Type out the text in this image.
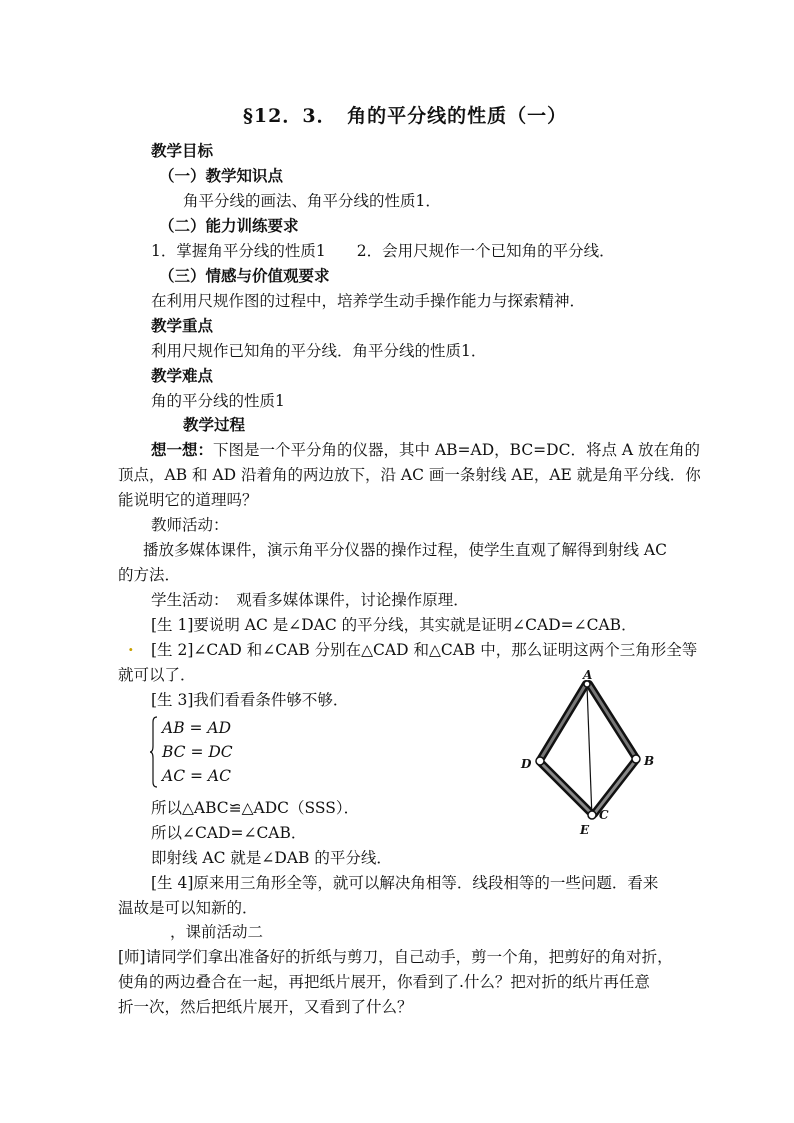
§12．3．　角的平分线的性质（一）
教学目标
（一）教学知识点
角平分线的画法、角平分线的性质1．
（二）能力训练要求
1．掌握角平分线的性质1　　2．会用尺规作一个已知角的平分线．
（三）情感与价值观要求
在利用尺规作图的过程中，培养学生动手操作能力与探索精神．
教学重点
利用尺规作已知角的平分线．角平分线的性质1．
教学难点
角的平分线的性质1
教学过程
想一想：下图是一个平分角的仪器，其中 AB=AD，BC=DC．将点 A 放在角的
顶点，AB 和 AD 沿着角的两边放下，沿 AC 画一条射线 AE，AE 就是角平分线．你
能说明它的道理吗？
教师活动：
播放多媒体课件，演示角平分仪器的操作过程，使学生直观了解得到射线 AC
的方法．
学生活动：　观看多媒体课件，讨论操作原理．
[生 1]要说明 AC 是∠DAC 的平分线，其实就是证明∠CAD=∠CAB．
. [生 2]∠CAD 和∠CAB 分别在△CAD 和△CAB 中，那么证明这两个三角形全等
就可以了．
[生 3]我们看看条件够不够．
AB = AD
BC = DC
AC = AC
所以△ABC≌△ADC（SSS）．
所以∠CAD=∠CAB．
即射线 AC 就是∠DAB 的平分线．
[生 4]原来用三角形全等，就可以解决角相等．线段相等的一些问题．看来
温故是可以知新的．
，课前活动二
[师]请同学们拿出准备好的折纸与剪刀，自己动手，剪一个角，把剪好的角对折，
使角的两边叠合在一起，再把纸片展开，你看到了.什么？把对折的纸片再任意
折一次，然后把纸片展开，又看到了什么？
A
B
C
D
E
